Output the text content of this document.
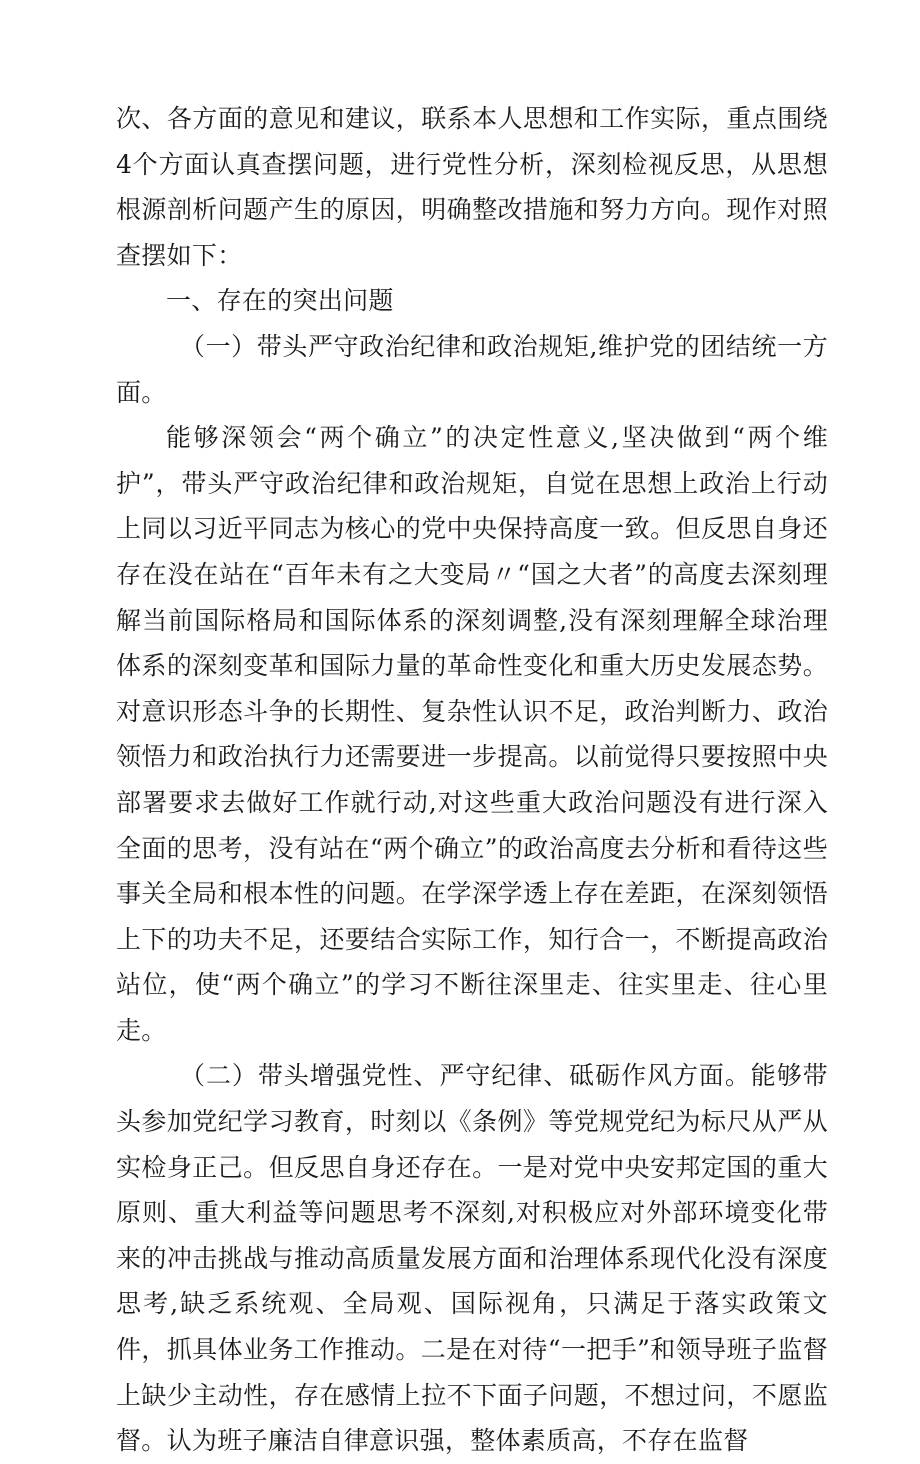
次、各方面的意见和建议，联系本人思想和工作实际，重点围绕4个方面认真查摆问题，进行党性分析，深刻检视反思，从思想根源剖析问题产生的原因，明确整改措施和努力方向。现作对照查摆如下：

一、存在的突出问题

（一）带头严守政治纪律和政治规矩,维护党的团结统一方面。

能够深领会“两个确立”的决定性意义,坚决做到“两个维护”，带头严守政治纪律和政治规矩，自觉在思想上政治上行动上同以习近平同志为核心的党中央保持高度一致。但反思自身还存在没在站在“百年未有之大变局〃“国之大者”的高度去深刻理解当前国际格局和国际体系的深刻调整,没有深刻理解全球治理体系的深刻变革和国际力量的革命性变化和重大历史发展态势。对意识形态斗争的长期性、复杂性认识不足，政治判断力、政治领悟力和政治执行力还需要进一步提高。以前觉得只要按照中央部署要求去做好工作就行动,对这些重大政治问题没有进行深入全面的思考，没有站在“两个确立”的政治高度去分析和看待这些事关全局和根本性的问题。在学深学透上存在差距，在深刻领悟上下的功夫不足，还要结合实际工作，知行合一，不断提高政治站位，使“两个确立”的学习不断往深里走、往实里走、往心里走。

（二）带头增强党性、严守纪律、砥砺作风方面。能够带头参加党纪学习教育，时刻以《条例》等党规党纪为标尺从严从实检身正己。但反思自身还存在。一是对党中央安邦定国的重大原则、重大利益等问题思考不深刻,对积极应对外部环境变化带来的冲击挑战与推动高质量发展方面和治理体系现代化没有深度思考,缺乏系统观、全局观、国际视角，只满足于落实政策文件，抓具体业务工作推动。二是在对待“一把手”和领导班子监督上缺少主动性，存在感情上拉不下面子问题，不想过问，不愿监督。认为班子廉洁自律意识强，整体素质高，不存在监督
